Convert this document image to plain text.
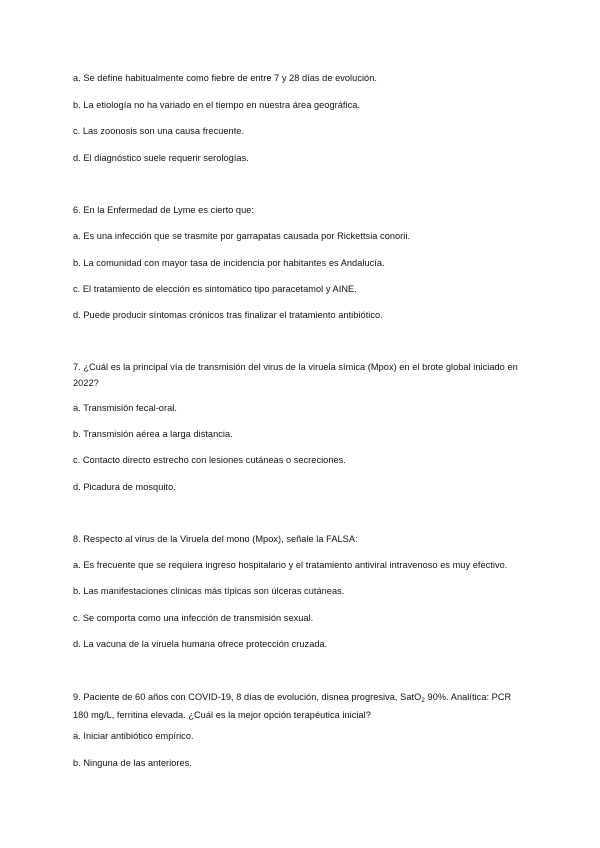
a. Se define habitualmente como fiebre de entre 7 y 28 días de evolución.
b. La etiología no ha variado en el tiempo en nuestra área geográfica.
c. Las zoonosis son una causa frecuente.
d. El diagnóstico suele requerir serologías.
6. En la Enfermedad de Lyme es cierto que:
a. Es una infección que se trasmite por garrapatas causada por Rickettsia conorii.
b. La comunidad con mayor tasa de incidencia por habitantes es Andalucía.
c. El tratamiento de elección es sintomático tipo paracetamol y AINE.
d. Puede producir síntomas crónicos tras finalizar el tratamiento antibiótico.
7. ¿Cuál es la principal vía de transmisión del virus de la viruela símica (Mpox) en el brote global iniciado en 2022?
a. Transmisión fecal-oral.
b. Transmisión aérea a larga distancia.
c. Contacto directo estrecho con lesiones cutáneas o secreciones.
d. Picadura de mosquito.
8. Respecto al virus de la Viruela del mono (Mpox), señale la FALSA:
a. Es frecuente que se requiera ingreso hospitalario y el tratamiento antiviral intravenoso es muy efectivo.
b. Las manifestaciones clínicas más típicas son úlceras cutáneas.
c. Se comporta como una infección de transmisión sexual.
d. La vacuna de la viruela humana ofrece protección cruzada.
9. Paciente de 60 años con COVID-19, 8 días de evolución, disnea progresiva, SatO$_2$ 90%. Analítica: PCR 180 mg/L, ferritina elevada. ¿Cuál es la mejor opción terapéutica inicial?
a. Iniciar antibiótico empírico.
b. Ninguna de las anteriores.
